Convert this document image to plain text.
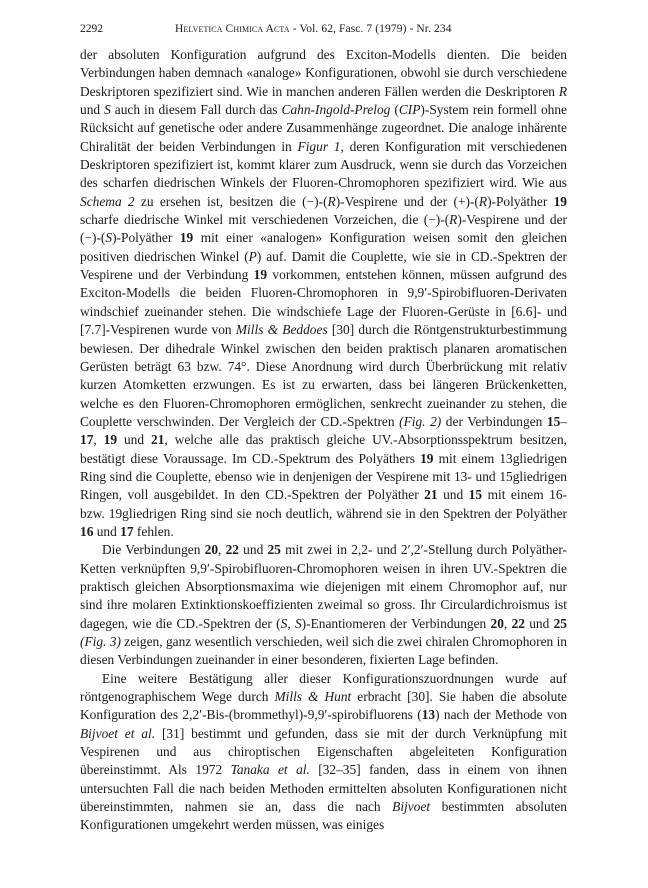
2292	Helvetica Chimica Acta - Vol. 62, Fasc. 7 (1979) - Nr. 234

der absoluten Konfiguration aufgrund des Exciton-Modells dienten. Die beiden Verbindungen haben demnach «analoge» Konfigurationen, obwohl sie durch verschiedene Deskriptoren spezifiziert sind. Wie in manchen anderen Fällen werden die Deskriptoren R und S auch in diesem Fall durch das Cahn-Ingold-Prelog (CIP)-System rein formell ohne Rücksicht auf genetische oder andere Zusammenhänge zugeordnet. Die analoge inhärente Chiralität der beiden Verbindungen in Figur 1, deren Konfiguration mit verschiedenen Deskriptoren spezifiziert ist, kommt klarer zum Ausdruck, wenn sie durch das Vorzeichen des scharfen diedrischen Winkels der Fluoren-Chromophoren spezifiziert wird. Wie aus Schema 2 zu ersehen ist, besitzen die (−)-(R)-Vespirene und der (+)-(R)-Polyäther 19 scharfe diedrische Winkel mit verschiedenen Vorzeichen, die (−)-(R)-Vespirene und der (−)-(S)-Polyäther 19 mit einer «analogen» Konfiguration weisen somit den gleichen positiven diedrischen Winkel (P) auf. Damit die Couplette, wie sie in CD.-Spektren der Vespirene und der Verbindung 19 vorkommen, entstehen können, müssen aufgrund des Exciton-Modells die beiden Fluoren-Chromophoren in 9,9′-Spirobifluoren-Derivaten windschief zueinander stehen. Die windschiefe Lage der Fluoren-Gerüste in [6.6]- und [7.7]-Vespirenen wurde von Mills & Beddoes [30] durch die Röntgenstrukturbestimmung bewiesen. Der dihedrale Winkel zwischen den beiden praktisch planaren aromatischen Gerüsten beträgt 63 bzw. 74°. Diese Anordnung wird durch Überbrückung mit relativ kurzen Atomketten erzwungen. Es ist zu erwarten, dass bei längeren Brückenketten, welche es den Fluoren-Chromophoren ermöglichen, senkrecht zueinander zu stehen, die Couplette verschwinden. Der Vergleich der CD.-Spektren (Fig. 2) der Verbindungen 15–17, 19 und 21, welche alle das praktisch gleiche UV.-Absorptionsspektrum besitzen, bestätigt diese Voraussage. Im CD.-Spektrum des Polyäthers 19 mit einem 13gliedrigen Ring sind die Couplette, ebenso wie in denjenigen der Vespirene mit 13- und 15gliedrigen Ringen, voll ausgebildet. In den CD.-Spektren der Polyäther 21 und 15 mit einem 16- bzw. 19gliedrigen Ring sind sie noch deutlich, während sie in den Spektren der Polyäther 16 und 17 fehlen.

Die Verbindungen 20, 22 und 25 mit zwei in 2,2- und 2′,2′-Stellung durch Polyäther-Ketten verknüpften 9,9′-Spirobifluoren-Chromophoren weisen in ihren UV.-Spektren die praktisch gleichen Absorptionsmaxima wie diejenigen mit einem Chromophor auf, nur sind ihre molaren Extinktionskoeffizienten zweimal so gross. Ihr Circulardichroismus ist dagegen, wie die CD.-Spektren der (S, S)-Enantiomeren der Verbindungen 20, 22 und 25 (Fig. 3) zeigen, ganz wesentlich verschieden, weil sich die zwei chiralen Chromophoren in diesen Verbindungen zueinander in einer besonderen, fixierten Lage befinden.

Eine weitere Bestätigung aller dieser Konfigurationszuordnungen wurde auf röntgenographischem Wege durch Mills & Hunt erbracht [30]. Sie haben die absolute Konfiguration des 2,2′-Bis-(brommethyl)-9,9′-spirobifluorens (13) nach der Methode von Bijvoet et al. [31] bestimmt und gefunden, dass sie mit der durch Verknüpfung mit Vespirenen und aus chiroptischen Eigenschaften abgeleiteten Konfiguration übereinstimmt. Als 1972 Tanaka et al. [32–35] fanden, dass in einem von ihnen untersuchten Fall die nach beiden Methoden ermittelten absoluten Konfigurationen nicht übereinstimmten, nahmen sie an, dass die nach Bijvoet bestimmten absoluten Konfigurationen umgekehrt werden müssen, was einiges
